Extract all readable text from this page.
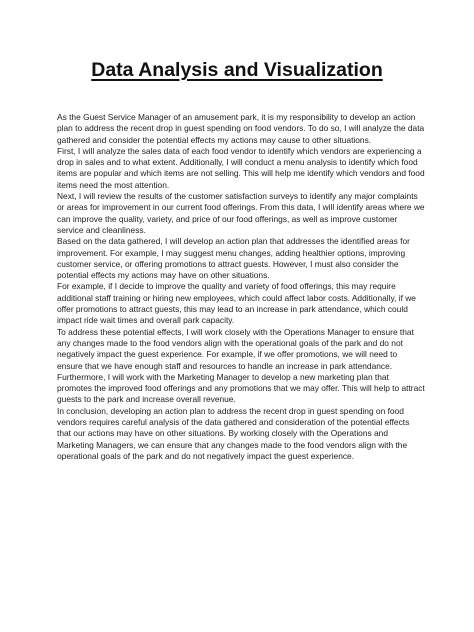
Data Analysis and Visualization

As the Guest Service Manager of an amusement park, it is my responsibility to develop an action plan to address the recent drop in guest spending on food vendors. To do so, I will analyze the data gathered and consider the potential effects my actions may cause to other situations.

First, I will analyze the sales data of each food vendor to identify which vendors are experiencing a drop in sales and to what extent. Additionally, I will conduct a menu analysis to identify which food items are popular and which items are not selling. This will help me identify which vendors and food items need the most attention.

Next, I will review the results of the customer satisfaction surveys to identify any major complaints or areas for improvement in our current food offerings. From this data, I will identify areas where we can improve the quality, variety, and price of our food offerings, as well as improve customer service and cleanliness.

Based on the data gathered, I will develop an action plan that addresses the identified areas for improvement. For example, I may suggest menu changes, adding healthier options, improving customer service, or offering promotions to attract guests. However, I must also consider the potential effects my actions may have on other situations.

For example, if I decide to improve the quality and variety of food offerings, this may require additional staff training or hiring new employees, which could affect labor costs. Additionally, if we offer promotions to attract guests, this may lead to an increase in park attendance, which could impact ride wait times and overall park capacity.

To address these potential effects, I will work closely with the Operations Manager to ensure that any changes made to the food vendors align with the operational goals of the park and do not negatively impact the guest experience. For example, if we offer promotions, we will need to ensure that we have enough staff and resources to handle an increase in park attendance. Furthermore, I will work with the Marketing Manager to develop a new marketing plan that promotes the improved food offerings and any promotions that we may offer. This will help to attract guests to the park and increase overall revenue.

In conclusion, developing an action plan to address the recent drop in guest spending on food vendors requires careful analysis of the data gathered and consideration of the potential effects that our actions may have on other situations. By working closely with the Operations and Marketing Managers, we can ensure that any changes made to the food vendors align with the operational goals of the park and do not negatively impact the guest experience.
